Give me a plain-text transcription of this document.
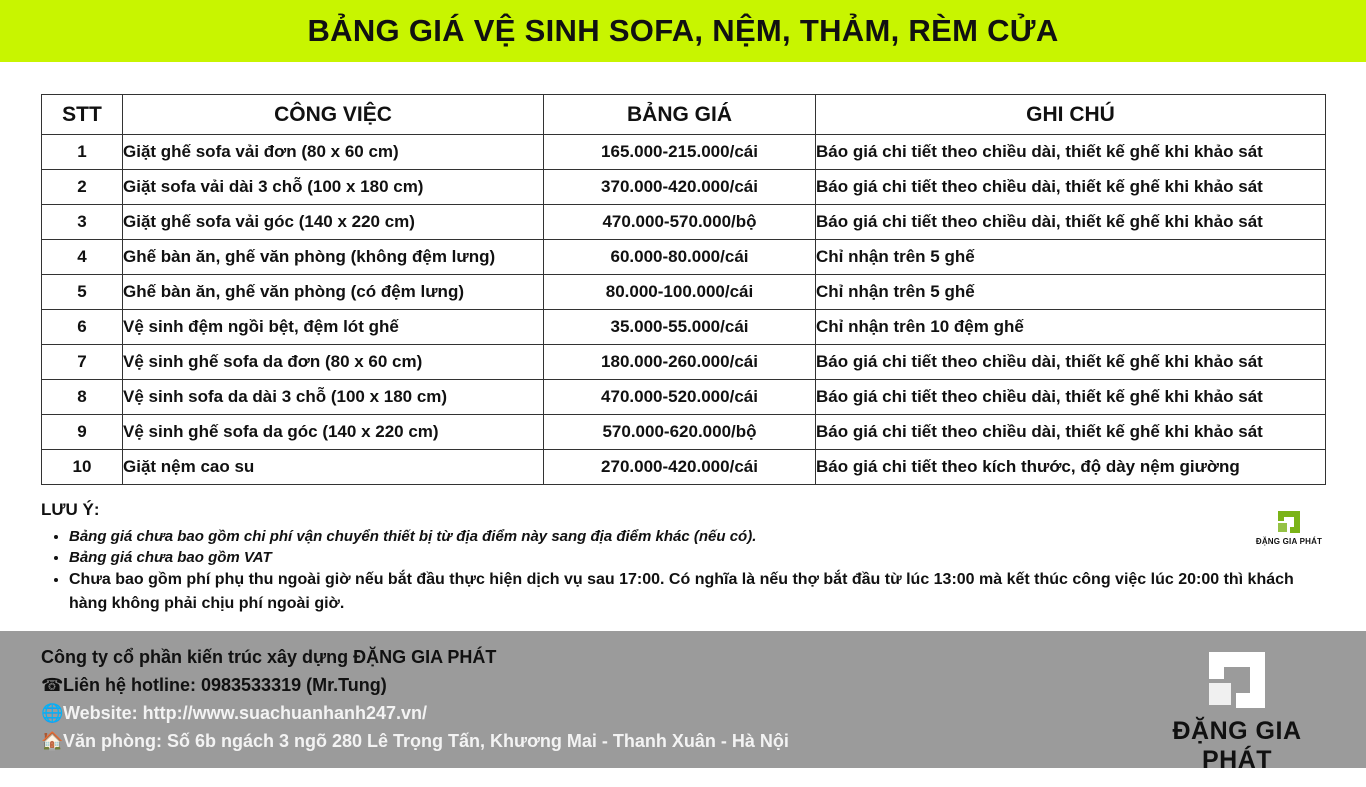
BẢNG GIÁ VỆ SINH SOFA, NỆM, THẢM, RÈM CỬA
STT	CÔNG VIỆC	BẢNG GIÁ	GHI CHÚ
1	Giặt ghế sofa vải đơn (80 x 60 cm)	165.000-215.000/cái	Báo giá chi tiết theo chiều dài, thiết kế ghế khi khảo sát
2	Giặt sofa vải dài 3 chỗ (100 x 180 cm)	370.000-420.000/cái	Báo giá chi tiết theo chiều dài, thiết kế ghế khi khảo sát
3	Giặt ghế sofa vải góc (140 x 220 cm)	470.000-570.000/bộ	Báo giá chi tiết theo chiều dài, thiết kế ghế khi khảo sát
4	Ghế bàn ăn, ghế văn phòng (không đệm lưng)	60.000-80.000/cái	Chỉ nhận trên 5 ghế
5	Ghế bàn ăn, ghế văn phòng (có đệm lưng)	80.000-100.000/cái	Chỉ nhận trên 5 ghế
6	Vệ sinh đệm ngồi bệt, đệm lót ghế	35.000-55.000/cái	Chỉ nhận trên 10 đệm ghế
7	Vệ sinh ghế sofa da đơn (80 x 60 cm)	180.000-260.000/cái	Báo giá chi tiết theo chiều dài, thiết kế ghế khi khảo sát
8	Vệ sinh sofa da dài 3 chỗ (100 x 180 cm)	470.000-520.000/cái	Báo giá chi tiết theo chiều dài, thiết kế ghế khi khảo sát
9	Vệ sinh ghế sofa da góc (140 x 220 cm)	570.000-620.000/bộ	Báo giá chi tiết theo chiều dài, thiết kế ghế khi khảo sát
10	Giặt nệm cao su	270.000-420.000/cái	Báo giá chi tiết theo kích thước, độ dày nệm giường
LƯU Ý:
• Bảng giá chưa bao gồm chi phí vận chuyển thiết bị từ địa điểm này sang địa điểm khác (nếu có).
• Bảng giá chưa bao gồm VAT
• Chưa bao gồm phí phụ thu ngoài giờ nếu bắt đầu thực hiện dịch vụ sau 17:00. Có nghĩa là nếu thợ bắt đầu từ lúc 13:00 mà kết thúc công việc lúc 20:00 thì khách hàng không phải chịu phí ngoài giờ.
ĐẶNG GIA PHÁT
Công ty cổ phần kiến trúc xây dựng ĐẶNG GIA PHÁT
☎Liên hệ hotline: 0983533319 (Mr.Tung)
🌐Website: http://www.suachuanhanh247.vn/
🏠Văn phòng: Số 6b ngách 3 ngõ 280 Lê Trọng Tấn, Khương Mai - Thanh Xuân - Hà Nội	ĐẶNG GIA PHÁT
KIẾN TRÚC - XÂY DỰNG
